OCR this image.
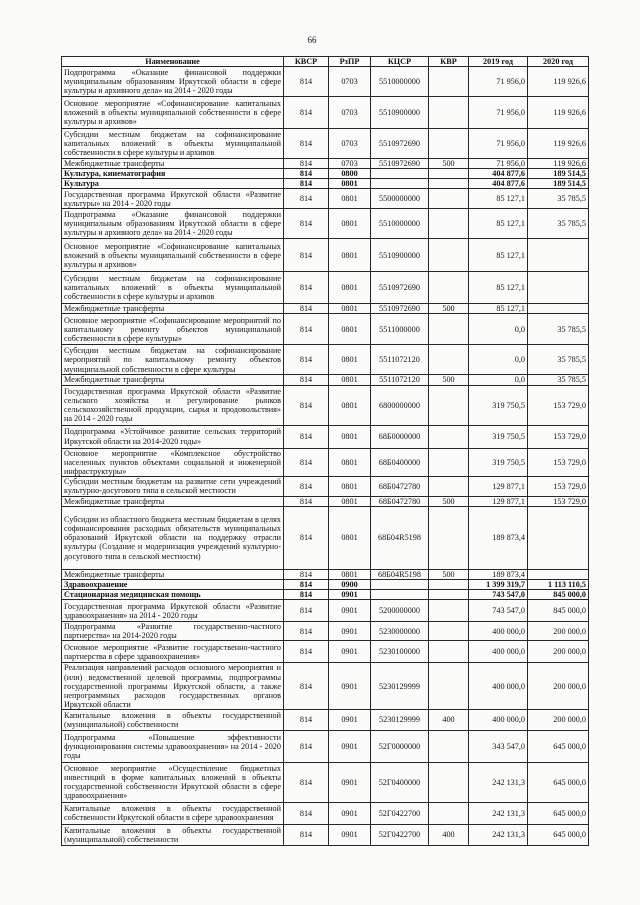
66
Наименование	КВСР	РзПР	КЦСР	КВР	2019 год	2020 год
Подпрограмма «Оказание финансовой поддержки муниципальным образованиям Иркутской области в сфере культуры и архивного дела» на 2014 - 2020 годы	814	0703	5510000000		71 956,0	119 926,6
Основное мероприятие «Софинансирование капитальных вложений в объекты муниципальной собственности в сфере культуры и архивов»	814	0703	5510900000		71 956,0	119 926,6
Субсидии местным бюджетам на софинансирование капитальных вложений в объекты муниципальной собственности в сфере культуры и архивов	814	0703	5510972690		71 956,0	119 926,6
Межбюджетные трансферты	814	0703	5510972690	500	71 956,0	119 926,6
Культура, кинематография	814	0800			404 877,6	189 514,5
Культура	814	0801			404 877,6	189 514,5
Государственная программа Иркутской области «Развитие культуры» на 2014 - 2020 годы	814	0801	5500000000		85 127,1	35 785,5
Подпрограмма «Оказание финансовой поддержки муниципальным образованиям Иркутской области в сфере культуры и архивного дела» на 2014 - 2020 годы	814	0801	5510000000		85 127,1	35 785,5
Основное мероприятие «Софинансирование капитальных вложений в объекты муниципальной собственности в сфере культуры и архивов»	814	0801	5510900000		85 127,1	
Субсидии местным бюджетам на софинансирование капитальных вложений в объекты муниципальной собственности в сфере культуры и архивов	814	0801	5510972690		85 127,1	
Межбюджетные трансферты	814	0801	5510972690	500	85 127,1	
Основное мероприятие «Софинансирование мероприятий по капитальному ремонту объектов муниципальной собственности в сфере культуры»	814	0801	5511000000		0,0	35 785,5
Субсидии местным бюджетам на софинансирование мероприятий по капитальному ремонту объектов муниципальной собственности в сфере культуры	814	0801	5511072120		0,0	35 785,5
Межбюджетные трансферты	814	0801	5511072120	500	0,0	35 785,5
Государственная программа Иркутской области «Развитие сельского хозяйства и регулирование рынков сельскохозяйственной продукции, сырья и продовольствия» на 2014 - 2020 годы	814	0801	6800000000		319 750,5	153 729,0
Подпрограмма «Устойчивое развитие сельских территорий Иркутской области на 2014-2020 годы»	814	0801	68Б0000000		319 750,5	153 729,0
Основное мероприятие «Комплексное обустройство населенных пунктов объектами социальной и инженерной инфраструктуры»	814	0801	68Б0400000		319 750,5	153 729,0
Субсидии местным бюджетам на развитие сети учреждений культурно-досугового типа в сельской местности	814	0801	68Б0472780		129 877,1	153 729,0
Межбюджетные трансферты	814	0801	68Б0472780	500	129 877,1	153 729,0
Субсидии из областного бюджета местным бюджетам в целях софинансирования расходных обязательств муниципальных образований Иркутской области на поддержку отрасли культуры (Создание и модернизация учреждений культурно-досугового типа в сельской местности)	814	0801	68Б04R5198		189 873,4	
Межбюджетные трансферты	814	0801	68Б04R5198	500	189 873,4	
Здравоохранение	814	0900			1 399 319,7	1 113 110,5
Стационарная медицинская помощь	814	0901			743 547,0	845 000,0
Государственная программа Иркутской области «Развитие здравоохранения» на 2014 - 2020 годы	814	0901	5200000000		743 547,0	845 000,0
Подпрограмма «Развитие государственно-частного партнерства» на 2014-2020 годы	814	0901	5230000000		400 000,0	200 000,0
Основное мероприятие «Развитие государственно-частного партнерства в сфере здравоохранения»	814	0901	5230100000		400 000,0	200 000,0
Реализация направлений расходов основного мероприятия и (или) ведомственной целевой программы, подпрограммы государственной программы Иркутской области, а также непрограммных расходов государственных органов Иркутской области	814	0901	5230129999		400 000,0	200 000,0
Капитальные вложения в объекты государственной (муниципальной) собственности	814	0901	5230129999	400	400 000,0	200 000,0
Подпрограмма «Повышение эффективности функционирования системы здравоохранения» на 2014 - 2020 годы	814	0901	52Г0000000		343 547,0	645 000,0
Основное мероприятие «Осуществление бюджетных инвестиций в форме капитальных вложений в объекты государственной собственности Иркутской области в сфере здравоохранения»	814	0901	52Г0400000		242 131,3	645 000,0
Капитальные вложения в объекты государственной собственности Иркутской области в сфере здравоохранения	814	0901	52Г0422700		242 131,3	645 000,0
Капитальные вложения в объекты государственной (муниципальной) собственности	814	0901	52Г0422700	400	242 131,3	645 000,0
